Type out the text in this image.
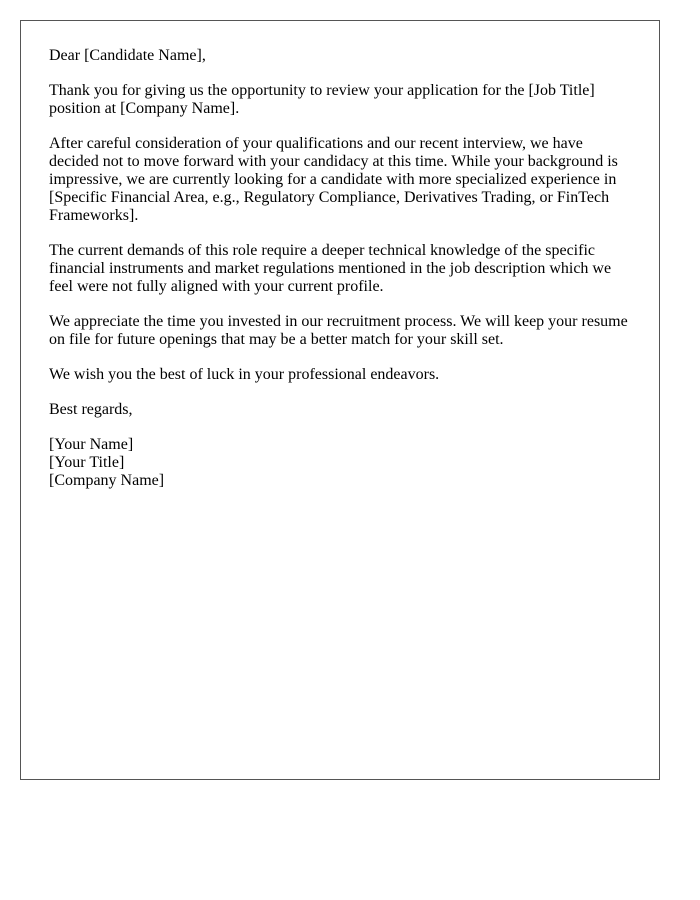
Dear [Candidate Name],

Thank you for giving us the opportunity to review your application for the [Job Title] position at [Company Name].

After careful consideration of your qualifications and our recent interview, we have decided not to move forward with your candidacy at this time. While your background is impressive, we are currently looking for a candidate with more specialized experience in [Specific Financial Area, e.g., Regulatory Compliance, Derivatives Trading, or FinTech Frameworks].

The current demands of this role require a deeper technical knowledge of the specific financial instruments and market regulations mentioned in the job description which we feel were not fully aligned with your current profile.

We appreciate the time you invested in our recruitment process. We will keep your resume on file for future openings that may be a better match for your skill set.

We wish you the best of luck in your professional endeavors.

Best regards,

[Your Name]
[Your Title]
[Company Name]
